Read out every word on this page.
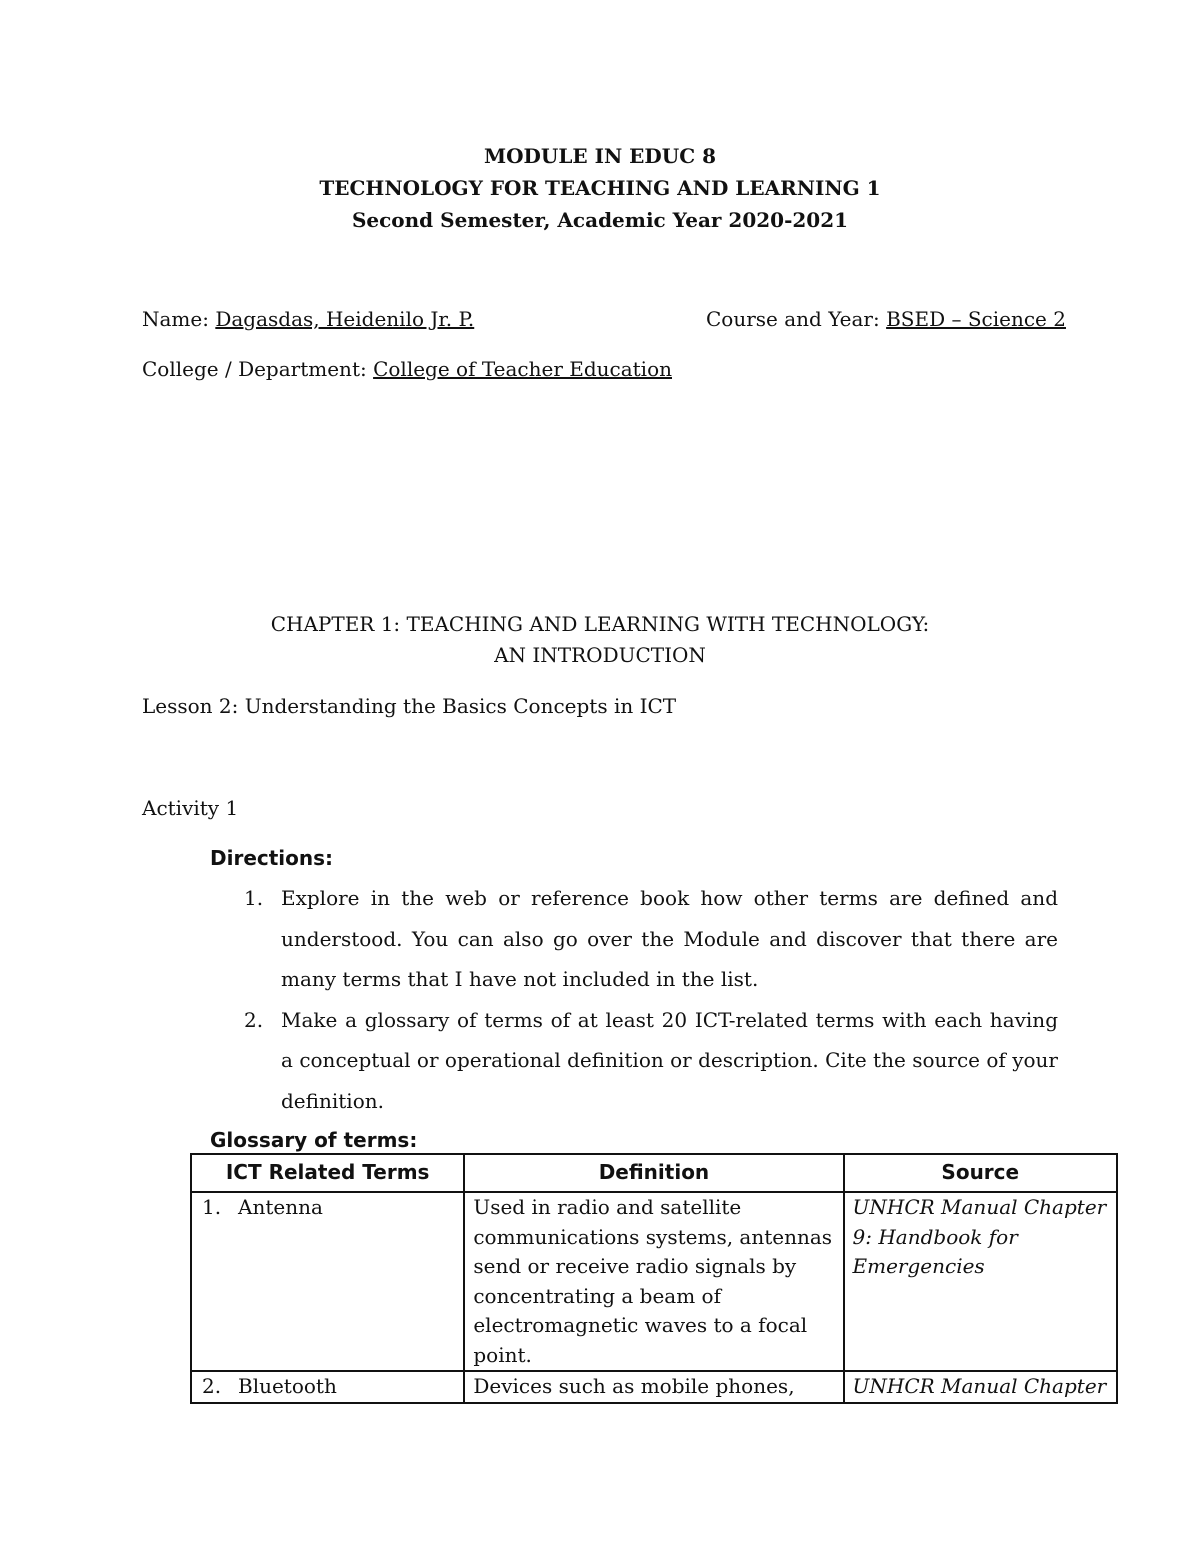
MODULE IN EDUC 8
TECHNOLOGY FOR TEACHING AND LEARNING 1
Second Semester, Academic Year 2020-2021
Name: Dagasdas, Heidenilo Jr. P.	Course and Year: BSED – Science 2
College / Department: College of Teacher Education
CHAPTER 1: TEACHING AND LEARNING WITH TECHNOLOGY:
AN INTRODUCTION
Lesson 2: Understanding the Basics Concepts in ICT
Activity 1
Directions:
1. Explore in the web or reference book how other terms are defined and understood. You can also go over the Module and discover that there are many terms that I have not included in the list.
2. Make a glossary of terms of at least 20 ICT-related terms with each having a conceptual or operational definition or description. Cite the source of your definition.
Glossary of terms:
ICT Related Terms	Definition	Source
1. Antenna	Used in radio and satellite communications systems, antennas send or receive radio signals by concentrating a beam of electromagnetic waves to a focal point.	UNHCR Manual Chapter 9: Handbook for Emergencies
2. Bluetooth	Devices such as mobile phones,	UNHCR Manual Chapter
